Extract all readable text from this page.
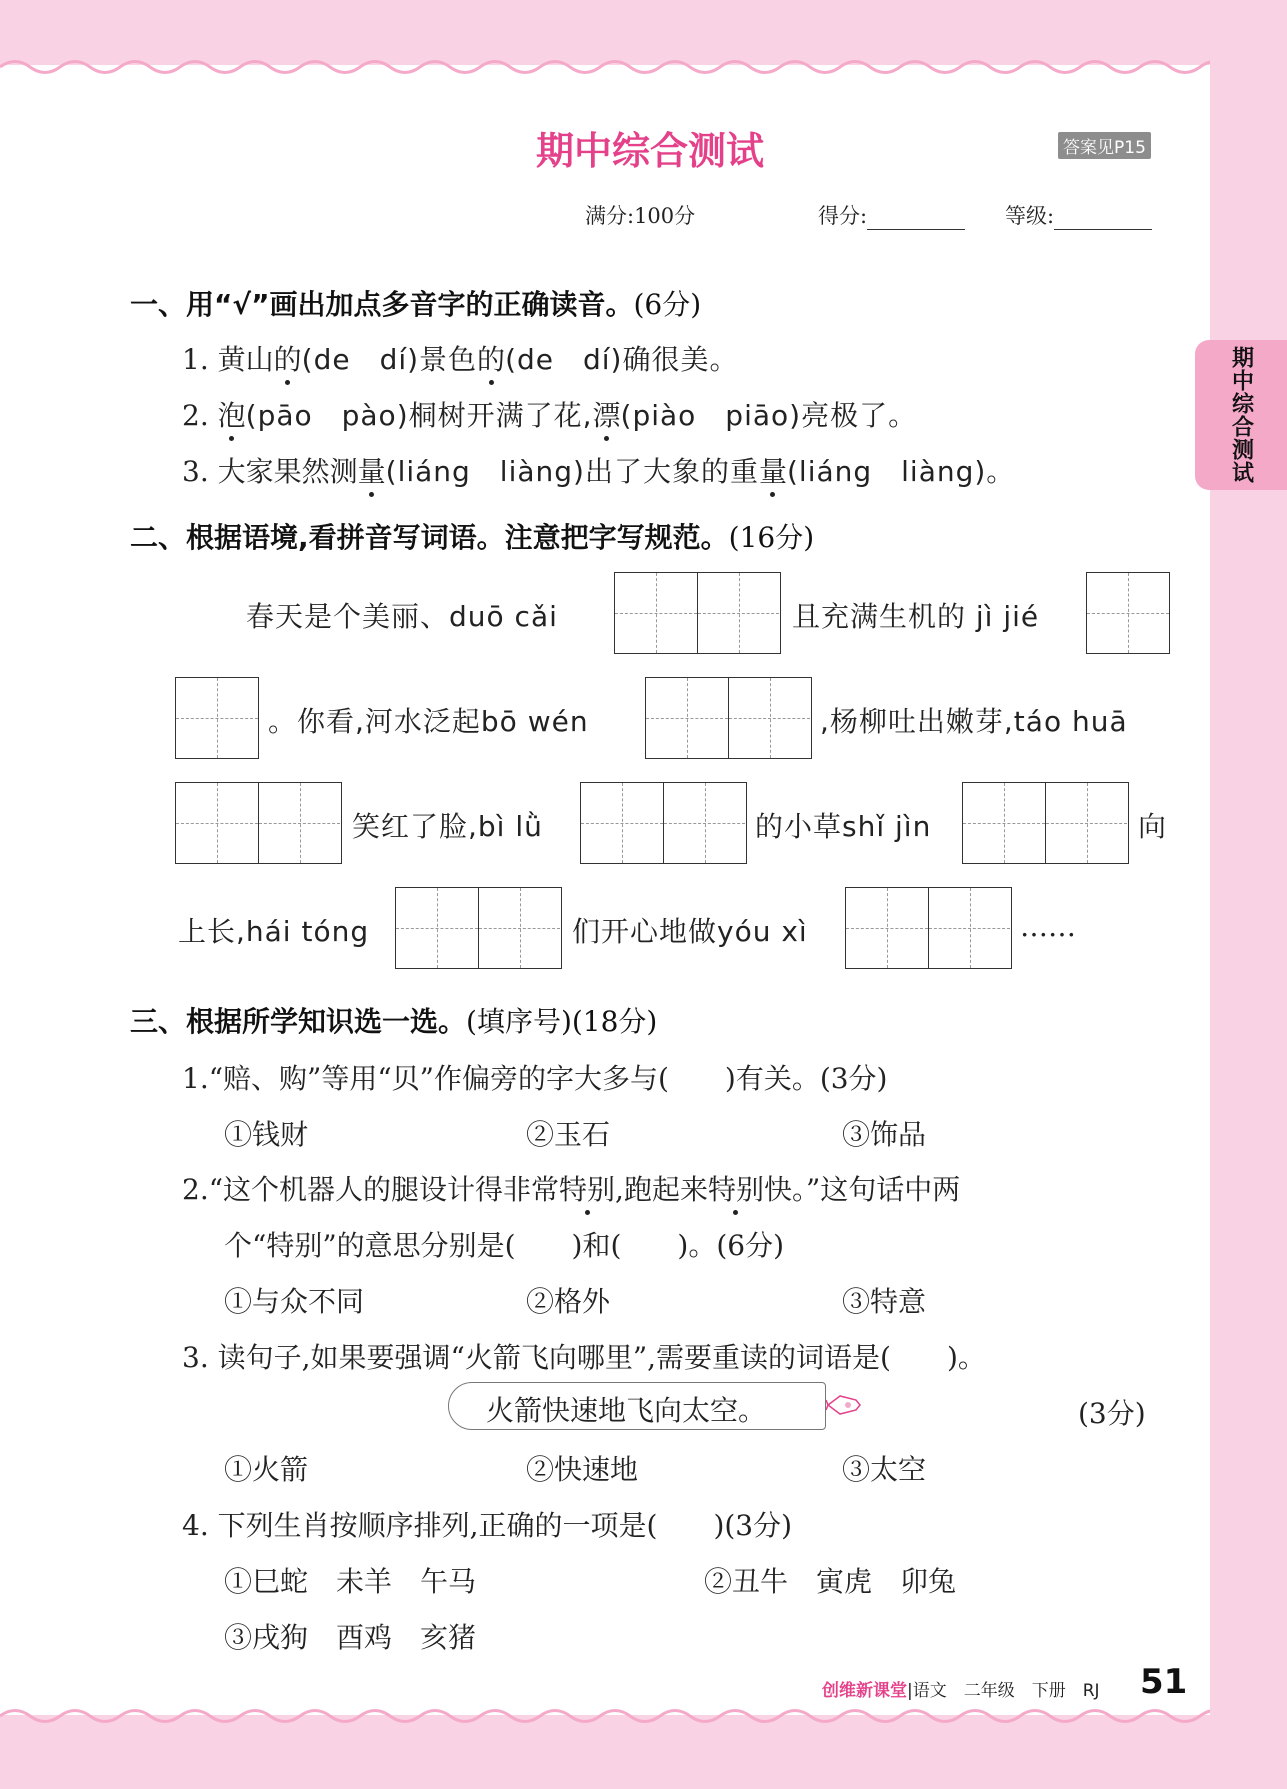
期中综合测试
期中综合测试	答案见P15
满分:100分	得分:	等级:
一、用“√”画出加点多音字的正确读音。(6分)
1. 黄山的(de　dí)景色的(de　dí)确很美。
2. 泡(pāo　pào)桐树开满了花,漂(piào　piāo)亮极了。
3. 大家果然测量(liáng　liàng)出了大象的重量(liáng　liàng)。
二、根据语境,看拼音写词语。注意把字写规范。(16分)
春天是个美丽、duō cǎi	且充满生机的 jì jié
。你看,河水泛起bō wén	,杨柳吐出嫩芽,táo huā
笑红了脸,bì lǜ	的小草shǐ jìn	向
上长,hái tóng	们开心地做yóu xì	……
三、根据所学知识选一选。(填序号)(18分)
1.“赔、购”等用“贝”作偏旁的字大多与(　　)有关。(3分)
①钱财	②玉石	③饰品
2.“这个机器人的腿设计得非常特别,跑起来特别快。”这句话中两
个“特别”的意思分别是(　　)和(　　)。(6分)
①与众不同	②格外	③特意
3. 读句子,如果要强调“火箭飞向哪里”,需要重读的词语是(　　)。
火箭快速地飞向太空。	(3分)
①火箭	②快速地	③太空
4. 下列生肖按顺序排列,正确的一项是(　　)(3分)
①巳蛇　未羊　午马	②丑牛　寅虎　卯兔
③戌狗　酉鸡　亥猪
创维新课堂|语文　二年级　下册　RJ 51
